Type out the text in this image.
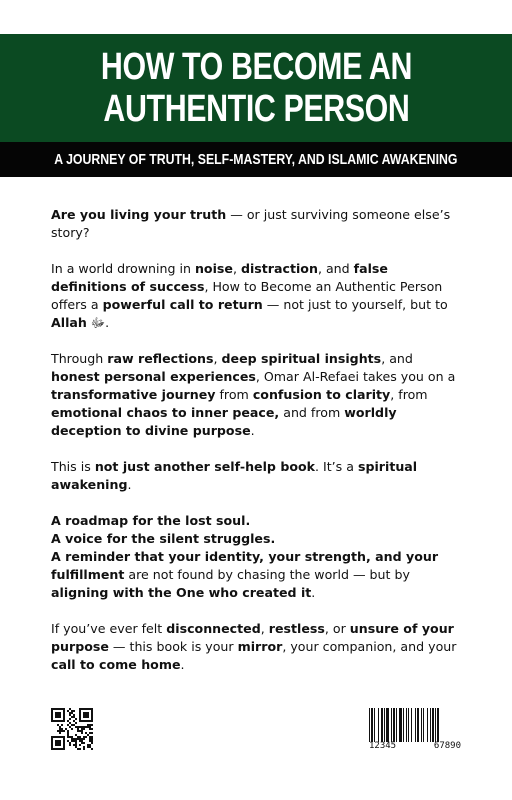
HOW TO BECOME AN
AUTHENTIC PERSON
A JOURNEY OF TRUTH, SELF-MASTERY, AND ISLAMIC AWAKENING

Are you living your truth — or just surviving someone else’s story?

In a world drowning in noise, distraction, and false definitions of success, How to Become an Authentic Person offers a powerful call to return — not just to yourself, but to Allah ﷻ.

Through raw reflections, deep spiritual insights, and honest personal experiences, Omar Al-Refaei takes you on a transformative journey from confusion to clarity, from emotional chaos to inner peace, and from worldly deception to divine purpose.

This is not just another self-help book. It’s a spiritual awakening.

A roadmap for the lost soul.
A voice for the silent struggles.
A reminder that your identity, your strength, and your fulfillment are not found by chasing the world — but by aligning with the One who created it.

If you’ve ever felt disconnected, restless, or unsure of your purpose — this book is your mirror, your companion, and your call to come home.

12345	67890
